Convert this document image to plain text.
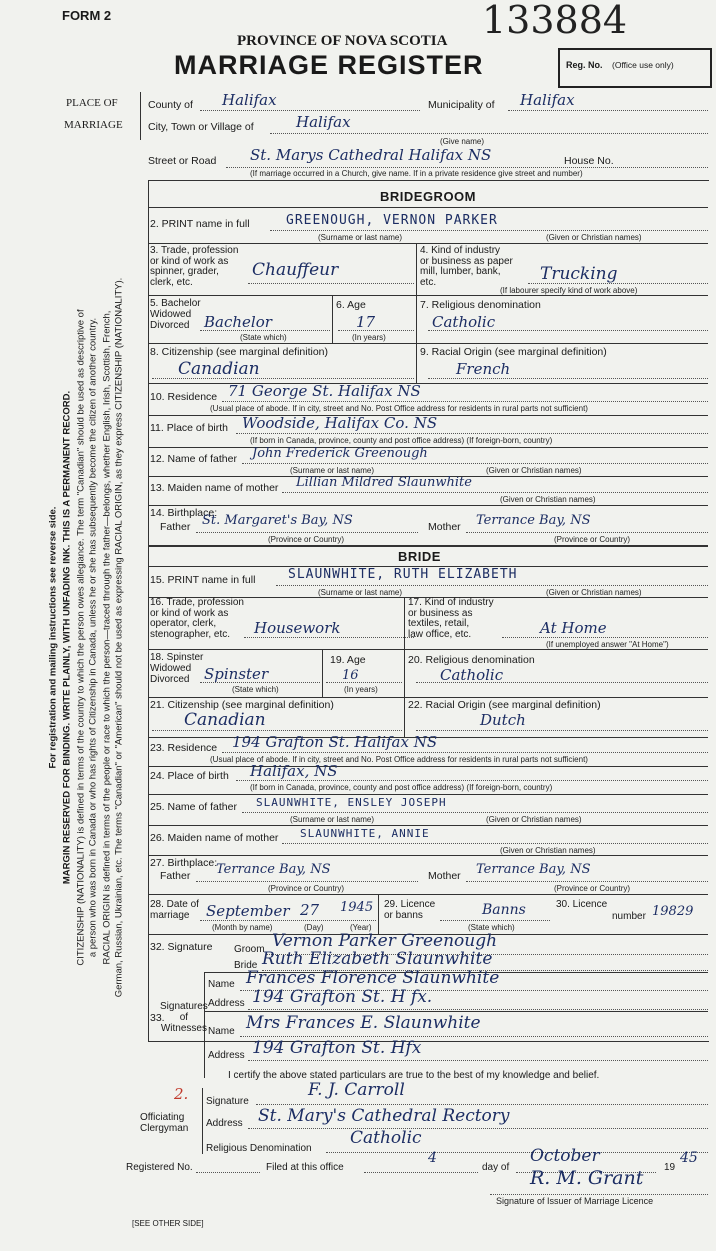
FORM 2	133884
PROVINCE OF NOVA SCOTIA
MARRIAGE REGISTER	Reg. No. (Office use only)
For registration and mailing instructions see reverse side. MARGIN RESERVED FOR BINDING. WRITE PLAINLY, WITH UNFADING INK. THIS IS A PERMANENT RECORD. CITIZENSHIP (NATIONALITY) is defined in terms of the country to which the person owes allegiance. The term "Canadian" should be used as descriptive of a person who was born in Canada or who has rights of Citizenship in Canada, unless he or she has subsequently become the citizen of another country. RACIAL ORIGIN is defined in terms of the people or race to which the person—traced through the father—belongs, whether English, Irish, Scottish, French, German, Russian, Ukrainian, etc. The terms "Canadian" or "American" should not be used as expressing RACIAL ORIGIN, as they express CITIZENSHIP (NATIONALITY).
PLACE OF
MARRIAGE
County of Halifax	Municipality of Halifax
City, Town or Village of	Halifax
(Give name)
Street or Road St. Marys Cathedral Halifax NS	House No.
(If marriage occurred in a Church, give name. If in a private residence give street and number)
BRIDEGROOM
2. PRINT name in full	GREENOUGH, VERNON PARKER
(Surname or last name)	(Given or Christian names)
3. Trade, profession
or kind of work as
spinner, grader,
clerk, etc.
Chauffeur
4. Kind of industry
or business as paper
mill, lumber, bank,
etc.	Trucking
(If labourer specify kind of work above)
5. Bachelor
Widowed
Divorced Bachelor
(State which)
6. Age
17
(In years)
7. Religious denomination
Catholic
8. Citizenship (see marginal definition)
Canadian
9. Racial Origin (see marginal definition)
French
10. Residence 71 George St. Halifax NS
(Usual place of abode. If in city, street and No. Post Office address for residents in rural parts not sufficient)
11. Place of birth Woodside, Halifax Co. NS
(If born in Canada, province, county and post office address) (If foreign-born, country)
12. Name of father John Frederick Greenough
(Surname or last name)	(Given or Christian names)
13. Maiden name of mother Lillian Mildred Slaunwhite
(Given or Christian names)
14. Birthplace:
Father St. Margaret's Bay, NS
(Province or Country)
Mother Terrance Bay, NS
(Province or Country)
BRIDE
15. PRINT name in full	SLAUNWHITE, RUTH ELIZABETH
(Surname or last name)	(Given or Christian names)
16. Trade, profession
or kind of work as
operator, clerk,
stenographer, etc.	Housework
17. Kind of industry
or business as
textiles, retail,
law office, etc.	At Home
(If unemployed answer "At Home")
18. Spinster
Widowed
Divorced Spinster
(State which)
19. Age
16
(In years)
20. Religious denomination
Catholic
21. Citizenship (see marginal definition)
Canadian
22. Racial Origin (see marginal definition)
Dutch
23. Residence 194 Grafton St. Halifax NS
(Usual place of abode. If in city, street and No. Post Office address for residents in rural parts not sufficient)
24. Place of birth Halifax, NS
(If born in Canada, province, county and post office address) (If foreign-born, country)
25. Name of father SLAUNWHITE, ENSLEY JOSEPH
(Surname or last name)	(Given or Christian names)
26. Maiden name of mother SLAUNWHITE, ANNIE
(Given or Christian names)
27. Birthplace:
Father Terrance Bay, NS
(Province or Country)
Mother Terrance Bay, NS
(Province or Country)
28. Date of
marriage	September 27 1945
(Month by name)	(Day)	(Year)
29. Licence
or banns	Banns
(State which)
30. Licence
number 19829
32. Signature Groom Vernon Parker Greenough
Bride Ruth Elizabeth Slaunwhite
Signatures
of
Witnesses
33.
Name Frances Florence Slaunwhite
Address 194 Grafton St. H fx.
Name Mrs Frances E. Slaunwhite
Address 194 Grafton St. Hfx
I certify the above stated particulars are true to the best of my knowledge and belief.
2.
Officiating
Clergyman
Signature
F. J. Carroll
Address St. Mary's Cathedral Rectory
Religious Denomination
Catholic
Registered No.	Filed at this office
4
day of
October
19
45
R. M. Grant
Signature of Issuer of Marriage Licence
[SEE OTHER SIDE]
